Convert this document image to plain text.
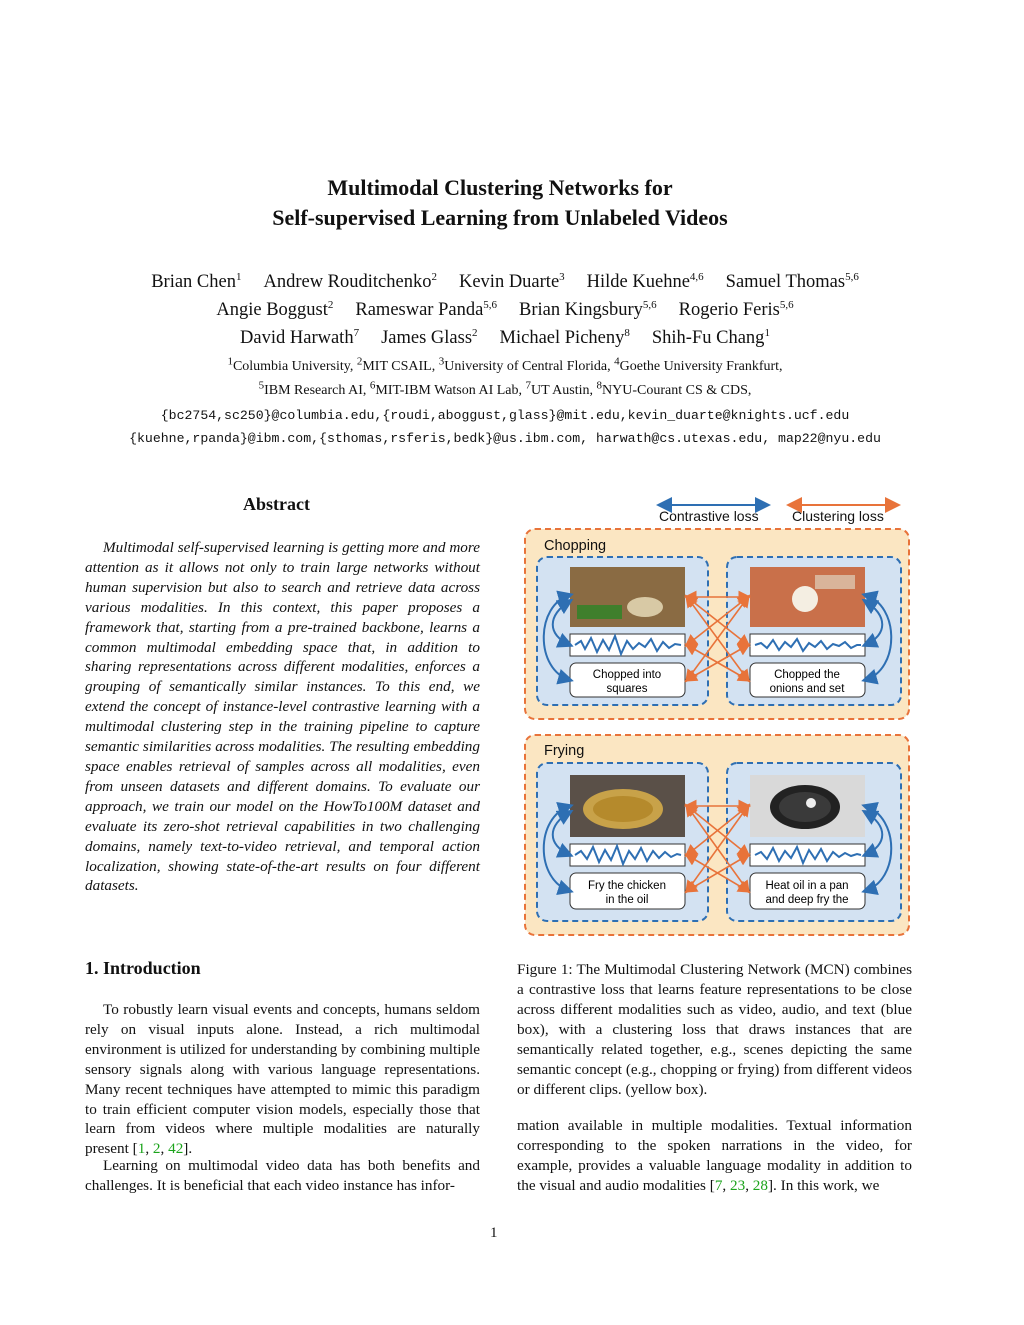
Multimodal Clustering Networks for
Self-supervised Learning from Unlabeled Videos
Brian Chen$^1$ Andrew Rouditchenko$^2$ Kevin Duarte$^3$ Hilde Kuehne$^{4,6}$ Samuel Thomas$^{5,6}$
Angie Boggust$^2$ Rameswar Panda$^{5,6}$ Brian Kingsbury$^{5,6}$ Rogerio Feris$^{5,6}$
David Harwath$^7$ James Glass$^2$ Michael Picheny$^8$ Shih-Fu Chang$^1$
$^1$Columbia University, $^2$MIT CSAIL, $^3$University of Central Florida, $^4$Goethe University Frankfurt,
$^5$IBM Research AI, $^6$MIT-IBM Watson AI Lab, $^7$UT Austin, $^8$NYU-Courant CS & CDS,
{bc2754,sc250}@columbia.edu,{roudi,aboggust,glass}@mit.edu,kevin_duarte@knights.ucf.edu
{kuehne,rpanda}@ibm.com,{sthomas,rsferis,bedk}@us.ibm.com, harwath@cs.utexas.edu, map22@nyu.edu
Abstract
Multimodal self-supervised learning is getting more and more attention as it allows not only to train large networks without human supervision but also to search and retrieve data across various modalities. In this context, this paper proposes a framework that, starting from a pre-trained backbone, learns a common multimodal embedding space that, in addition to sharing representations across different modalities, enforces a grouping of semantically similar instances. To this end, we extend the concept of instance-level contrastive learning with a multimodal clustering step in the training pipeline to capture semantic similarities across modalities. The resulting embedding space enables retrieval of samples across all modalities, even from unseen datasets and different domains. To evaluate our approach, we train our model on the HowTo100M dataset and evaluate its zero-shot retrieval capabilities in two challenging domains, namely text-to-video retrieval, and temporal action localization, showing state-of-the-art results on four different datasets.
1. Introduction
To robustly learn visual events and concepts, humans seldom rely on visual inputs alone. Instead, a rich multimodal environment is utilized for understanding by combining multiple sensory signals along with various language representations. Many recent techniques have attempted to mimic this paradigm to train efficient computer vision models, especially those that learn from videos where multiple modalities are naturally present [1, 2, 42].
Learning on multimodal video data has both benefits and challenges. It is beneficial that each video instance has infor-
Contrastive loss Clustering loss
Chopping
Chopped into
squares
Chopped the
onions and set
Frying
Fry the chicken
in the oil
Heat oil in a pan
and deep fry the
Figure 1: The Multimodal Clustering Network (MCN) combines a contrastive loss that learns feature representations to be close across different modalities such as video, audio, and text (blue box), with a clustering loss that draws instances that are semantically related together, e.g., scenes depicting the same semantic concept (e.g., chopping or frying) from different videos or different clips. (yellow box).
mation available in multiple modalities. Textual information corresponding to the spoken narrations in the video, for example, provides a valuable language modality in addition to the visual and audio modalities [7, 23, 28]. In this work, we
1
